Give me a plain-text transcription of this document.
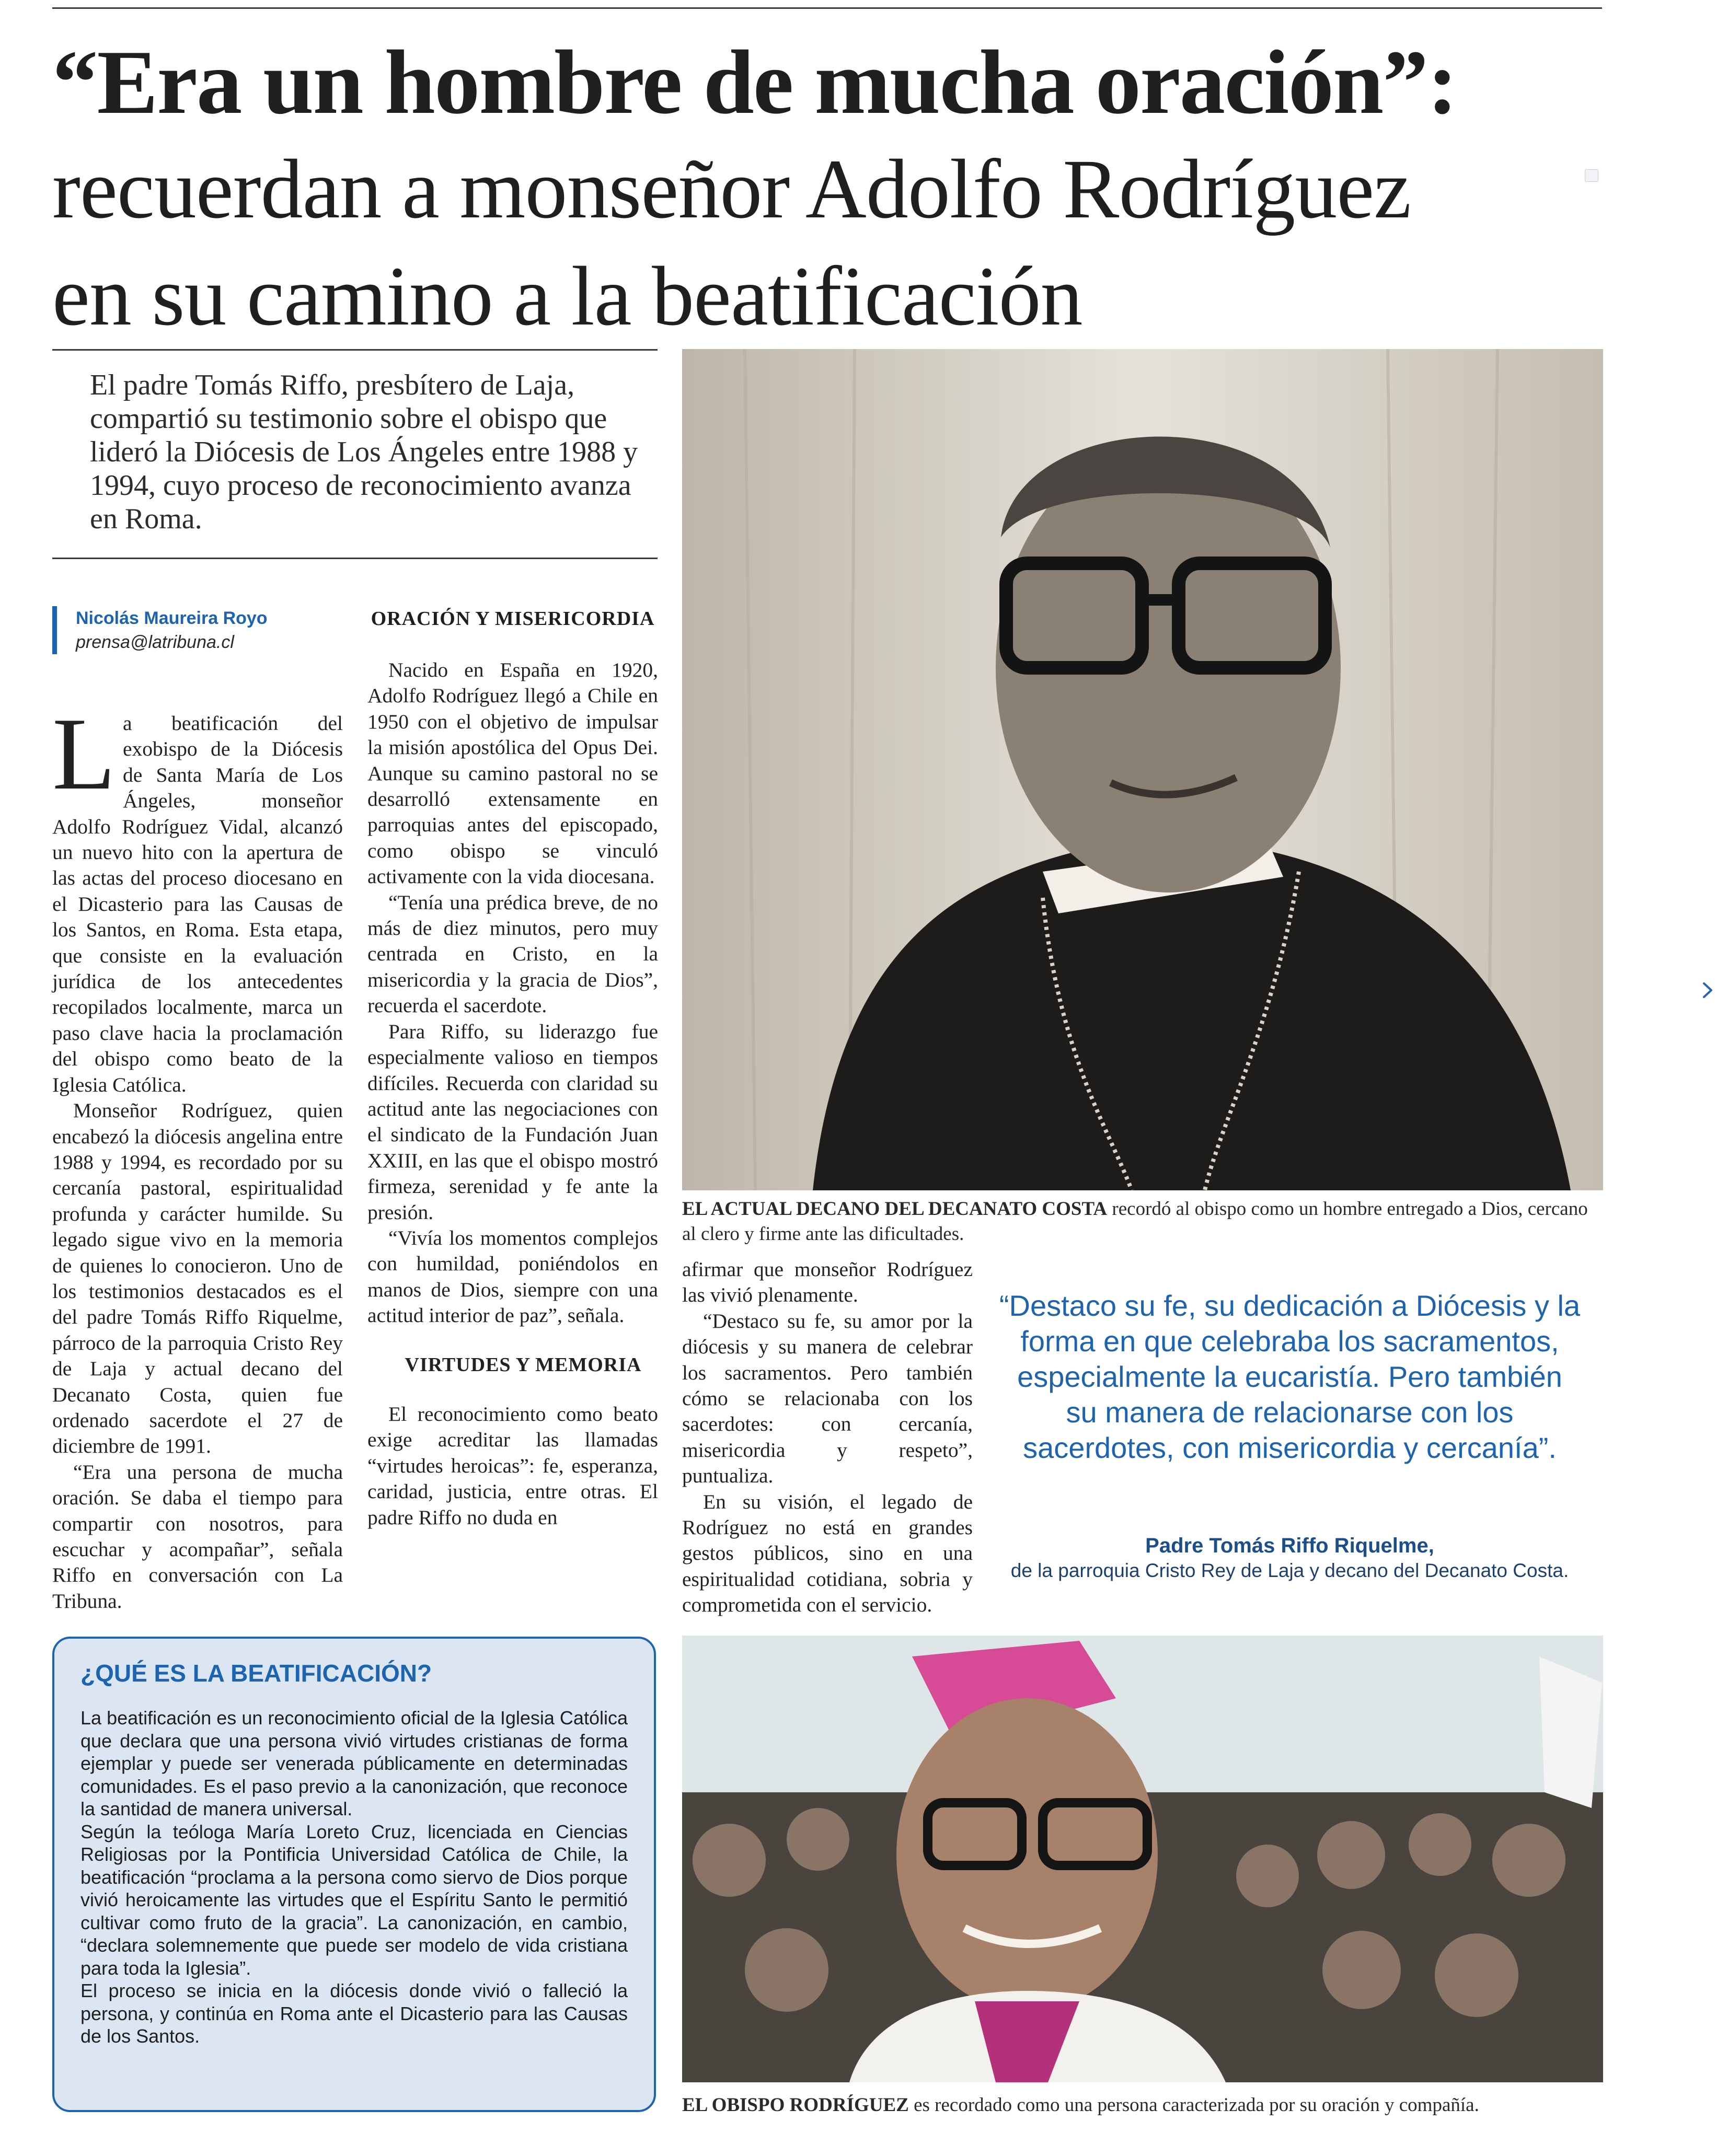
“Era un hombre de mucha oración”:
recuerdan a monseñor Adolfo Rodríguez
en su camino a la beatificación
El padre Tomás Riffo, presbítero de Laja, compartió su testimonio sobre el obispo que lideró la Diócesis de Los Ángeles entre 1988 y 1994, cuyo proceso de reconocimiento avanza en Roma.
Nicolás Maureira Royo
prensa@latribuna.cl

La beatificación del exobispo de la Diócesis de Santa María de Los Ángeles, monseñor Adolfo Rodríguez Vidal, alcanzó un nuevo hito con la apertura de las actas del proceso diocesano en el Dicasterio para las Causas de los Santos, en Roma. Esta etapa, que consiste en la evaluación jurídica de los antecedentes recopilados localmente, marca un paso clave hacia la proclamación del obispo como beato de la Iglesia Católica.

Monseñor Rodríguez, quien encabezó la diócesis angelina entre 1988 y 1994, es recordado por su cercanía pastoral, espiritualidad profunda y carácter humilde. Su legado sigue vivo en la memoria de quienes lo conocieron. Uno de los testimonios destacados es el del padre Tomás Riffo Riquelme, párroco de la parroquia Cristo Rey de Laja y actual decano del Decanato Costa, quien fue ordenado sacerdote el 27 de diciembre de 1991.

“Era una persona de mucha oración. Se daba el tiempo para compartir con nosotros, para escuchar y acompañar”, señala Riffo en conversación con La Tribuna.

ORACIÓN Y MISERICORDIA

Nacido en España en 1920, Adolfo Rodríguez llegó a Chile en 1950 con el objetivo de impulsar la misión apostólica del Opus Dei. Aunque su camino pastoral no se desarrolló extensamente en parroquias antes del episcopado, como obispo se vinculó activamente con la vida diocesana.

“Tenía una prédica breve, de no más de diez minutos, pero muy centrada en Cristo, en la misericordia y la gracia de Dios”, recuerda el sacerdote.

Para Riffo, su liderazgo fue especialmente valioso en tiempos difíciles. Recuerda con claridad su actitud ante las negociaciones con el sindicato de la Fundación Juan XXIII, en las que el obispo mostró firmeza, serenidad y fe ante la presión.

“Vivía los momentos complejos con humildad, poniéndolos en manos de Dios, siempre con una actitud interior de paz”, señala.

VIRTUDES Y MEMORIA

El reconocimiento como beato exige acreditar las llamadas “virtudes heroicas”: fe, esperanza, caridad, justicia, entre otras. El padre Riffo no duda en

EL ACTUAL DECANO DEL DECANATO COSTA recordó al obispo como un hombre entregado a Dios, cercano al clero y firme ante las dificultades.

afirmar que monseñor Rodríguez las vivió plenamente.

“Destaco su fe, su amor por la diócesis y su manera de celebrar los sacramentos. Pero también cómo se relacionaba con los sacerdotes: con cercanía, misericordia y respeto”, puntualiza.

En su visión, el legado de Rodríguez no está en grandes gestos públicos, sino en una espiritualidad cotidiana, sobria y comprometida con el servicio.

“Destaco su fe, su dedicación a Diócesis y la forma en que celebraba los sacramentos, especialmente la eucaristía. Pero también su manera de relacionarse con los sacerdotes, con misericordia y cercanía”.
Padre Tomás Riffo Riquelme,
de la parroquia Cristo Rey de Laja y decano del Decanato Costa.
¿QUÉ ES LA BEATIFICACIÓN?

La beatificación es un reconocimiento oficial de la Iglesia Católica que declara que una persona vivió virtudes cristianas de forma ejemplar y puede ser venerada públicamente en determinadas comunidades. Es el paso previo a la canonización, que reconoce la santidad de manera universal.

Según la teóloga María Loreto Cruz, licenciada en Ciencias Religiosas por la Pontificia Universidad Católica de Chile, la beatificación “proclama a la persona como siervo de Dios porque vivió heroicamente las virtudes que el Espíritu Santo le permitió cultivar como fruto de la gracia”. La canonización, en cambio, “declara solemnemente que puede ser modelo de vida cristiana para toda la Iglesia”.

El proceso se inicia en la diócesis donde vivió o falleció la persona, y continúa en Roma ante el Dicasterio para las Causas de los Santos.

EL OBISPO RODRÍGUEZ es recordado como una persona caracterizada por su oración y compañía.
